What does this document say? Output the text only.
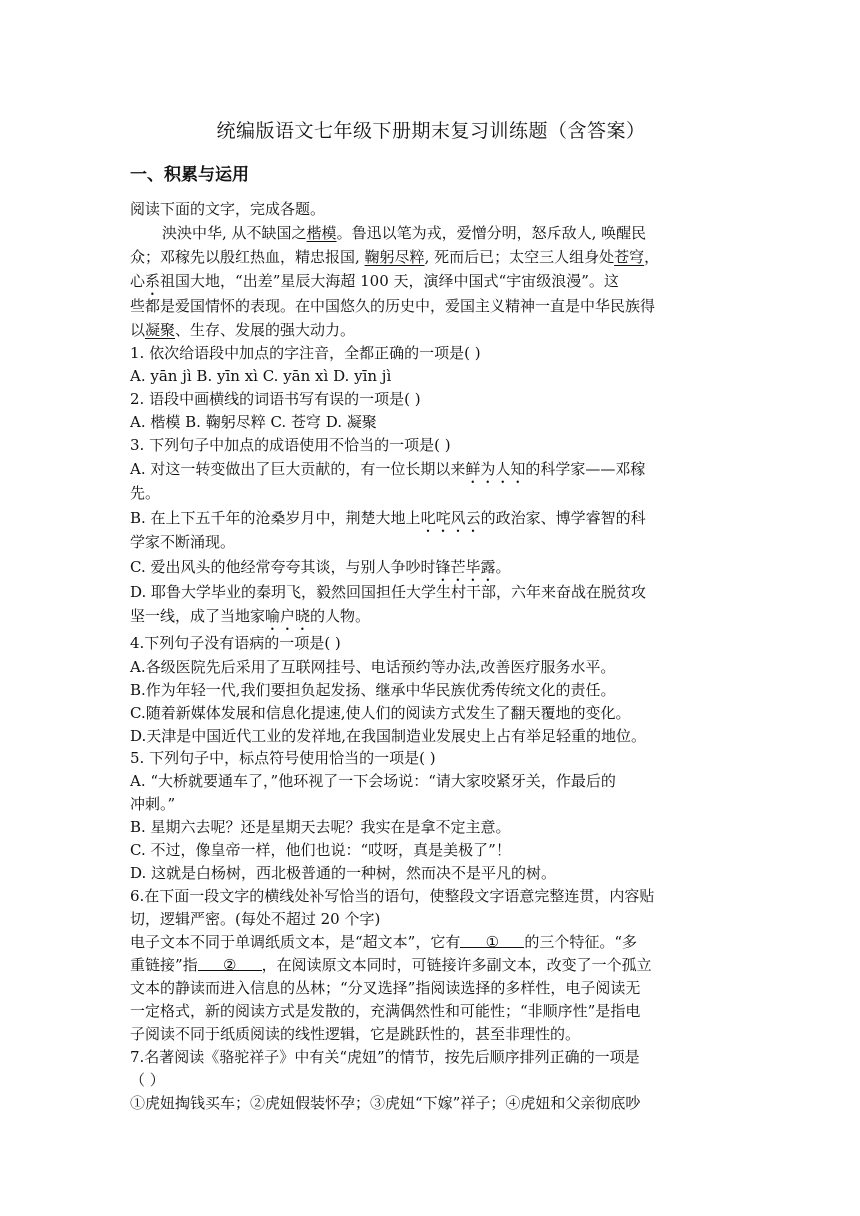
统编版语文七年级下册期末复习训练题（含答案）
一、积累与运用
阅读下面的文字，完成各题。
泱泱中华, 从不缺国之楷模。鲁迅以笔为戎，爱憎分明，怒斥敌人, 唤醒民
众；邓稼先以殷红热血，精忠报国, 鞠躬尽粹, 死而后已；太空三人组身处苍穹，
心系祖国大地，“出差”星辰大海超 100 天，演绎中国式“宇宙级浪漫”。这
些都是爱国情怀的表现。在中国悠久的历史中，爱国主义精神一直是中华民族得
以凝聚、生存、发展的强大动力。
1. 依次给语段中加点的字注音，全都正确的一项是( )
A. yān jì B. yīn xì C. yān xì D. yīn jì
2. 语段中画横线的词语书写有误的一项是( )
A. 楷模 B. 鞠躬尽粹 C. 苍穹 D. 凝聚
3. 下列句子中加点的成语使用不恰当的一项是( )
A. 对这一转变做出了巨大贡献的，有一位长期以来鲜为人知的科学家——邓稼
先。
B. 在上下五千年的沧桑岁月中，荆楚大地上叱咤风云的政治家、博学睿智的科
学家不断涌现。
C. 爱出风头的他经常夸夸其谈，与别人争吵时锋芒毕露。
D. 耶鲁大学毕业的秦玥飞，毅然回国担任大学生村干部，六年来奋战在脱贫攻
坚一线，成了当地家喻户晓的人物。
4.下列句子没有语病的一项是( )
A.各级医院先后采用了互联网挂号、电话预约等办法,改善医疗服务水平。
B.作为年轻一代,我们要担负起发扬、继承中华民族优秀传统文化的责任。
C.随着新媒体发展和信息化提速,使人们的阅读方式发生了翻天覆地的变化。
D.天津是中国近代工业的发祥地,在我国制造业发展史上占有举足轻重的地位。
5. 下列句子中，标点符号使用恰当的一项是( )
A. “大桥就要通车了，”他环视了一下会场说：“请大家咬紧牙关，作最后的
冲刺。”
B. 星期六去呢？还是星期天去呢？我实在是拿不定主意。
C. 不过，像皇帝一样，他们也说：“哎呀，真是美极了”！
D. 这就是白杨树，西北极普通的一种树，然而决不是平凡的树。
6.在下面一段文字的横线处补写恰当的语句，使整段文字语意完整连贯，内容贴
切，逻辑严密。(每处不超过 20 个字)
电子文本不同于单调纸质文本，是“超文本”，它有 ① 的三个特征。“多
重链接”指 ② ，在阅读原文本同时，可链接许多副文本，改变了一个孤立
文本的静读而进入信息的丛林；“分叉选择”指阅读选择的多样性，电子阅读无
一定格式，新的阅读方式是发散的，充满偶然性和可能性；“非顺序性”是指电
子阅读不同于纸质阅读的线性逻辑，它是跳跃性的，甚至非理性的。
7.名著阅读《骆驼祥子》中有关“虎妞”的情节，按先后顺序排列正确的一项是
（ ）
①虎妞掏钱买车；②虎妞假装怀孕；③虎妞“下嫁”祥子；④虎妞和父亲彻底吵
